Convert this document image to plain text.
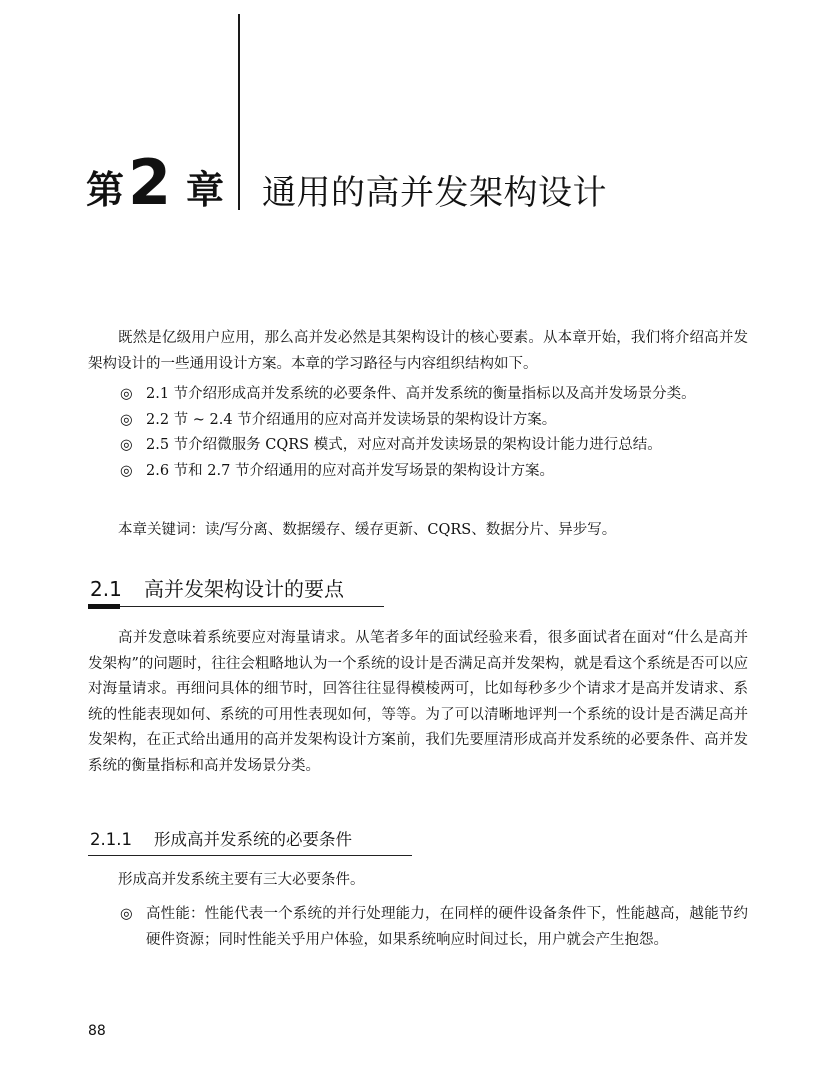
第 2 章 通用的高并发架构设计
既然是亿级用户应用，那么高并发必然是其架构设计的核心要素。从本章开始，我们将介绍高并发架构设计的一些通用设计方案。本章的学习路径与内容组织结构如下。
◎ 2.1 节介绍形成高并发系统的必要条件、高并发系统的衡量指标以及高并发场景分类。
◎ 2.2 节 ~ 2.4 节介绍通用的应对高并发读场景的架构设计方案。
◎ 2.5 节介绍微服务 CQRS 模式，对应对高并发读场景的架构设计能力进行总结。
◎ 2.6 节和 2.7 节介绍通用的应对高并发写场景的架构设计方案。
本章关键词：读/写分离、数据缓存、缓存更新、CQRS、数据分片、异步写。
2.1 高并发架构设计的要点
高并发意味着系统要应对海量请求。从笔者多年的面试经验来看，很多面试者在面对“什么是高并发架构”的问题时，往往会粗略地认为一个系统的设计是否满足高并发架构，就是看这个系统是否可以应对海量请求。再细问具体的细节时，回答往往显得模棱两可，比如每秒多少个请求才是高并发请求、系统的性能表现如何、系统的可用性表现如何，等等。为了可以清晰地评判一个系统的设计是否满足高并发架构，在正式给出通用的高并发架构设计方案前，我们先要厘清形成高并发系统的必要条件、高并发系统的衡量指标和高并发场景分类。
2.1.1 形成高并发系统的必要条件
形成高并发系统主要有三大必要条件。
◎ 高性能：性能代表一个系统的并行处理能力，在同样的硬件设备条件下，性能越高，越能节约硬件资源；同时性能关乎用户体验，如果系统响应时间过长，用户就会产生抱怨。
88
